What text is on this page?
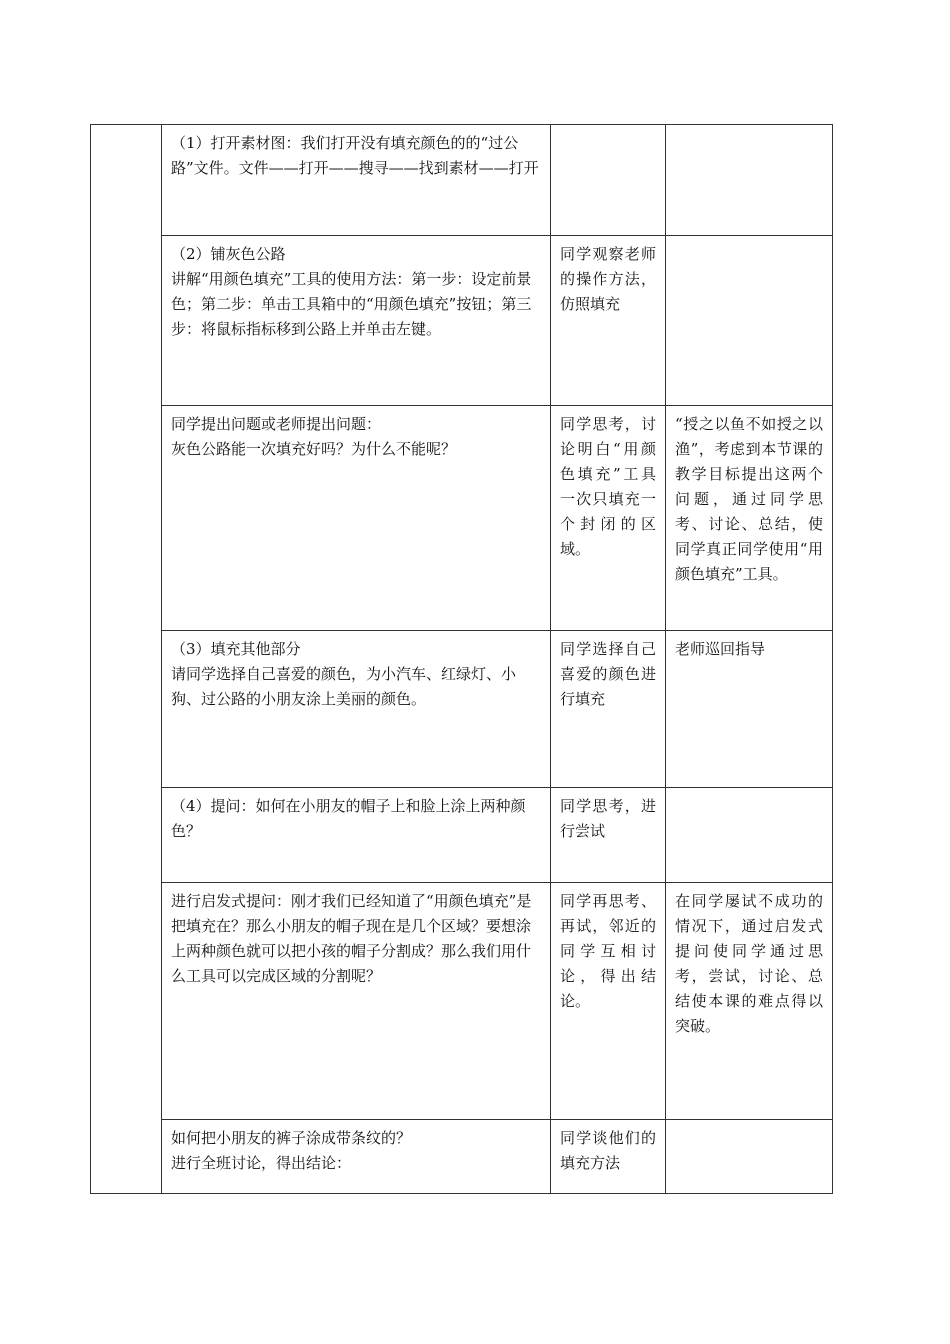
	（1）打开素材图：我们打开没有填充颜色的的“过公路”文件。文件——打开——搜寻——找到素材——打开		

	（2）铺灰色公路
讲解“用颜色填充”工具的使用方法：第一步：设定前景色；第二步：单击工具箱中的“用颜色填充”按钮；第三步：将鼠标指标移到公路上并单击左键。	同学观察老师的操作方法，仿照填充	

	同学提出问题或老师提出问题：
灰色公路能一次填充好吗？为什么不能呢？	同学思考，讨论明白“用颜色填充”工具一次只填充一个封闭的区域。	“授之以鱼不如授之以渔”，考虑到本节课的教学目标提出这两个问题，通过同学思考、讨论、总结，使同学真正同学使用“用颜色填充”工具。

	（3）填充其他部分
请同学选择自己喜爱的颜色，为小汽车、红绿灯、小狗、过公路的小朋友涂上美丽的颜色。	同学选择自己喜爱的颜色进行填充	老师巡回指导

	（4）提问：如何在小朋友的帽子上和脸上涂上两种颜色？	同学思考，进行尝试	

	进行启发式提问：刚才我们已经知道了“用颜色填充”是把填充在？那么小朋友的帽子现在是几个区域？要想涂上两种颜色就可以把小孩的帽子分割成？那么我们用什么工具可以完成区域的分割呢？	同学再思考、再试，邻近的同学互相讨论，得出结论。	在同学屡试不成功的情况下，通过启发式提问使同学通过思考，尝试，讨论、总结使本课的难点得以突破。

	如何把小朋友的裤子涂成带条纹的？
进行全班讨论，得出结论：	同学谈他们的填充方法	
